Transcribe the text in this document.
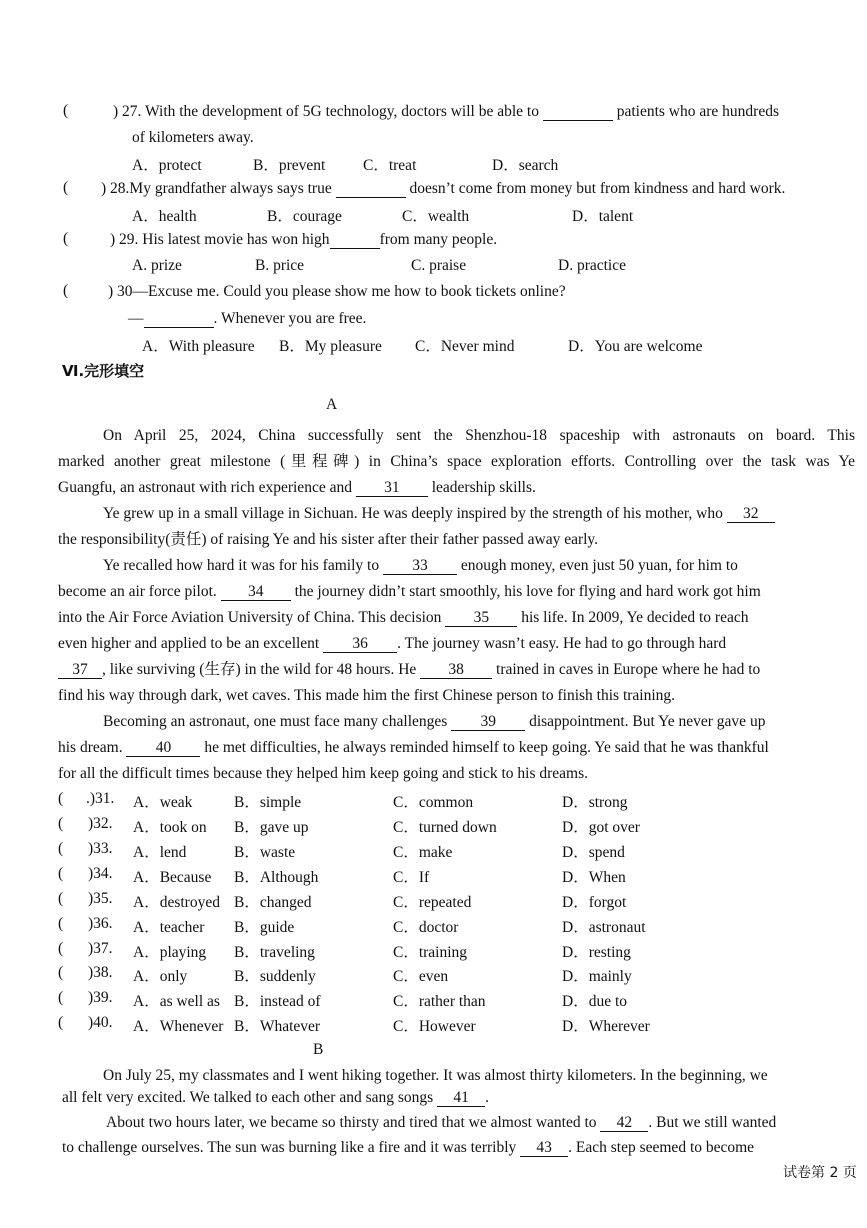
(	) 27. With the development of 5G technology, doctors will be able to	patients who are hundreds
of kilometers away.
A．protect	B．prevent C．treat	D．search
( ) 28.My grandfather always says true	doesn’t come from money but from kindness and hard work.
A．health	B．courage	C．wealth	D．talent
(	) 29. His latest movie has won high	from many people.
A. prize	B. price	C. praise	D. practice
(	) 30—Excuse me. Could you please show me how to book tickets online?
—	. Whenever you are free.
A．With pleasure B．My pleasure C．Never mind	D．You are welcome
Ⅵ.完形填空
A
On April 25, 2024, China successfully sent the Shenzhou-18 spaceship with astronauts on board. This
marked another great milestone (里程碑) in China’s space exploration efforts. Controlling over the task was Ye
Guangfu, an astronaut with rich experience and 31 leadership skills.
Ye grew up in a small village in Sichuan. He was deeply inspired by the strength of his mother, who 32
the responsibility(责任) of raising Ye and his sister after their father passed away early.
Ye recalled how hard it was for his family to 33 enough money, even just 50 yuan, for him to
become an air force pilot. 34 the journey didn’t start smoothly, his love for flying and hard work got him
into the Air Force Aviation University of China. This decision 35 his life. In 2009, Ye decided to reach
even higher and applied to be an excellent 36 . The journey wasn’t easy. He had to go through hard
37 , like surviving (生存) in the wild for 48 hours. He 38 trained in caves in Europe where he had to
find his way through dark, wet caves. This made him the first Chinese person to finish this training.
Becoming an astronaut, one must face many challenges 39 disappointment. But Ye never gave up
his dream. 40 he met difficulties, he always reminded himself to keep going. Ye said that he was thankful
for all the difficult times because they helped him keep going and stick to his dreams.
( .)31. A．weak	B．simple	C．common	D．strong
( )32. A．took on B．gave up	C．turned down	D．got over
( )33. A．lend	B．waste	C．make	D．spend
( )34. A．Because B．Although	C．If	D．When
( )35. A．destroyed B．changed	C．repeated	D．forgot
( )36. A．teacher B．guide	C．doctor	D．astronaut
( )37. A．playing B．traveling	C．training	D．resting
( )38. A．only	B．suddenly	C．even	D．mainly
( )39. A．as well as B．instead of	C．rather than	D．due to
( )40. A．Whenever B．Whatever	C．However	D．Wherever
B
On July 25, my classmates and I went hiking together. It was almost thirty kilometers. In the beginning, we
all felt very excited. We talked to each other and sang songs 41 .
About two hours later, we became so thirsty and tired that we almost wanted to 42 . But we still wanted
to challenge ourselves. The sun was burning like a fire and it was terribly 43 . Each step seemed to become
试卷第 2 页
